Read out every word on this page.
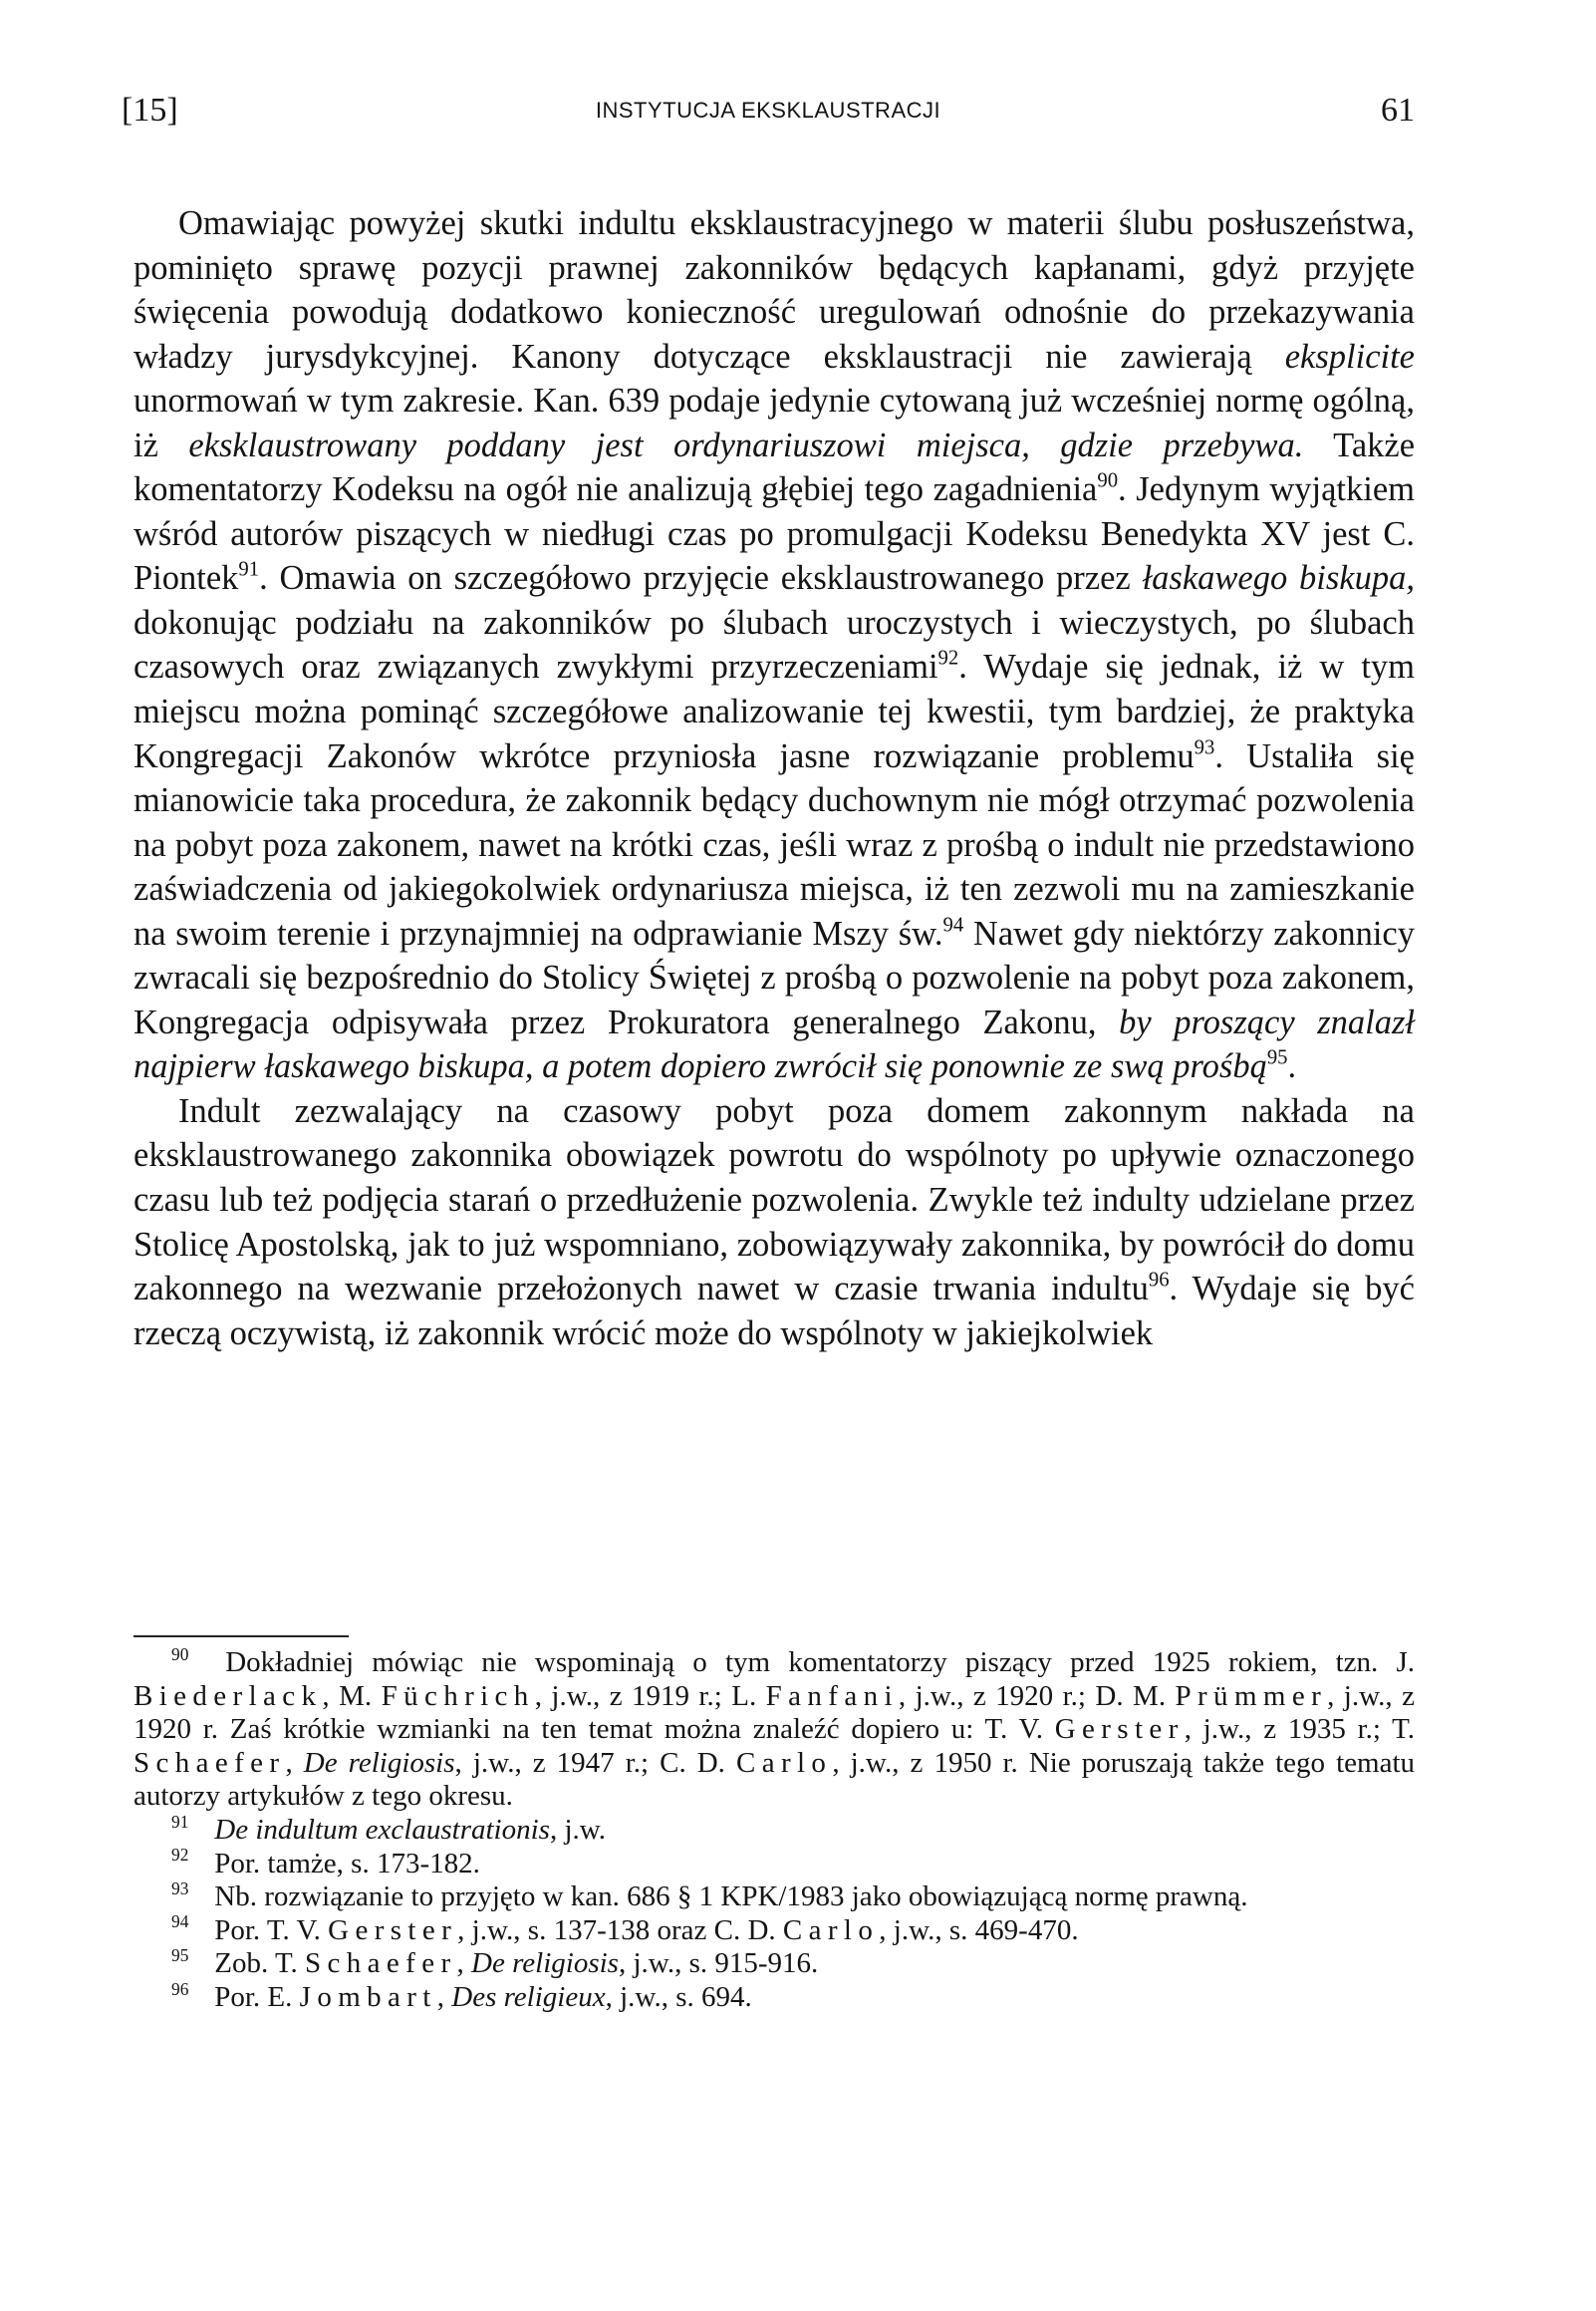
[15]	INSTYTUCJA EKSKLAUSTRACJI	61

Omawiając powyżej skutki indultu eksklaustracyjnego w materii ślubu posłuszeństwa, pominięto sprawę pozycji prawnej zakonników będących kapłanami, gdyż przyjęte święcenia powodują dodatkowo konieczność uregulowań odnośnie do przekazywania władzy jurysdykcyjnej. Kanony dotyczące eksklaustracji nie zawierają eksplicite unormowań w tym zakresie. Kan. 639 podaje jedynie cytowaną już wcześniej normę ogólną, iż eksklaustrowany poddany jest ordynariuszowi miejsca, gdzie przebywa. Także komentatorzy Kodeksu na ogół nie analizują głębiej tego zagadnienia$^{90}$. Jedynym wyjątkiem wśród autorów piszących w niedługi czas po promulgacji Kodeksu Benedykta XV jest C. Piontek$^{91}$. Omawia on szczegółowo przyjęcie eksklaustrowanego przez łaskawego biskupa, dokonując podziału na zakonników po ślubach uroczystych i wieczystych, po ślubach czasowych oraz związanych zwykłymi przyrzeczeniami$^{92}$. Wydaje się jednak, iż w tym miejscu można pominąć szczegółowe analizowanie tej kwestii, tym bardziej, że praktyka Kongregacji Zakonów wkrótce przyniosła jasne rozwiązanie problemu$^{93}$. Ustaliła się mianowicie taka procedura, że zakonnik będący duchownym nie mógł otrzymać pozwolenia na pobyt poza zakonem, nawet na krótki czas, jeśli wraz z prośbą o indult nie przedstawiono zaświadczenia od jakiegokolwiek ordynariusza miejsca, iż ten zezwoli mu na zamieszkanie na swoim terenie i przynajmniej na odprawianie Mszy św.$^{94}$ Nawet gdy niektórzy zakonnicy zwracali się bezpośrednio do Stolicy Świętej z prośbą o pozwolenie na pobyt poza zakonem, Kongregacja odpisywała przez Prokuratora generalnego Zakonu, by proszący znalazł najpierw łaskawego biskupa, a potem dopiero zwrócił się ponownie ze swą prośbą$^{95}$.

Indult zezwalający na czasowy pobyt poza domem zakonnym nakłada na eksklaustrowanego zakonnika obowiązek powrotu do wspólnoty po upływie oznaczonego czasu lub też podjęcia starań o przedłużenie pozwolenia. Zwykle też indulty udzielane przez Stolicę Apostolską, jak to już wspomniano, zobowiązywały zakonnika, by powrócił do domu zakonnego na wezwanie przełożonych nawet w czasie trwania indultu$^{96}$. Wydaje się być rzeczą oczywistą, iż zakonnik wrócić może do wspólnoty w jakiejkolwiek

$^{90}$ Dokładniej mówiąc nie wspominają o tym komentatorzy piszący przed 1925 rokiem, tzn. J. Biederlack, M. Füchrich, j.w., z 1919 r.; L. Fanfani, j.w., z 1920 r.; D. M. Prümmer, j.w., z 1920 r. Zaś krótkie wzmianki na ten temat można znaleźć dopiero u: T. V. Gerster, j.w., z 1935 r.; T. Schaefer, De religiosis, j.w., z 1947 r.; C. D. Carlo, j.w., z 1950 r. Nie poruszają także tego tematu autorzy artykułów z tego okresu.

$^{91}$ De indultum exclaustrationis, j.w.

$^{92}$ Por. tamże, s. 173-182.

$^{93}$ Nb. rozwiązanie to przyjęto w kan. 686 § 1 KPK/1983 jako obowiązującą normę prawną.

$^{94}$ Por. T. V. Gerster, j.w., s. 137-138 oraz C. D. Carlo, j.w., s. 469-470.

$^{95}$ Zob. T. Schaefer, De religiosis, j.w., s. 915-916.

$^{96}$ Por. E. Jombart, Des religieux, j.w., s. 694.
